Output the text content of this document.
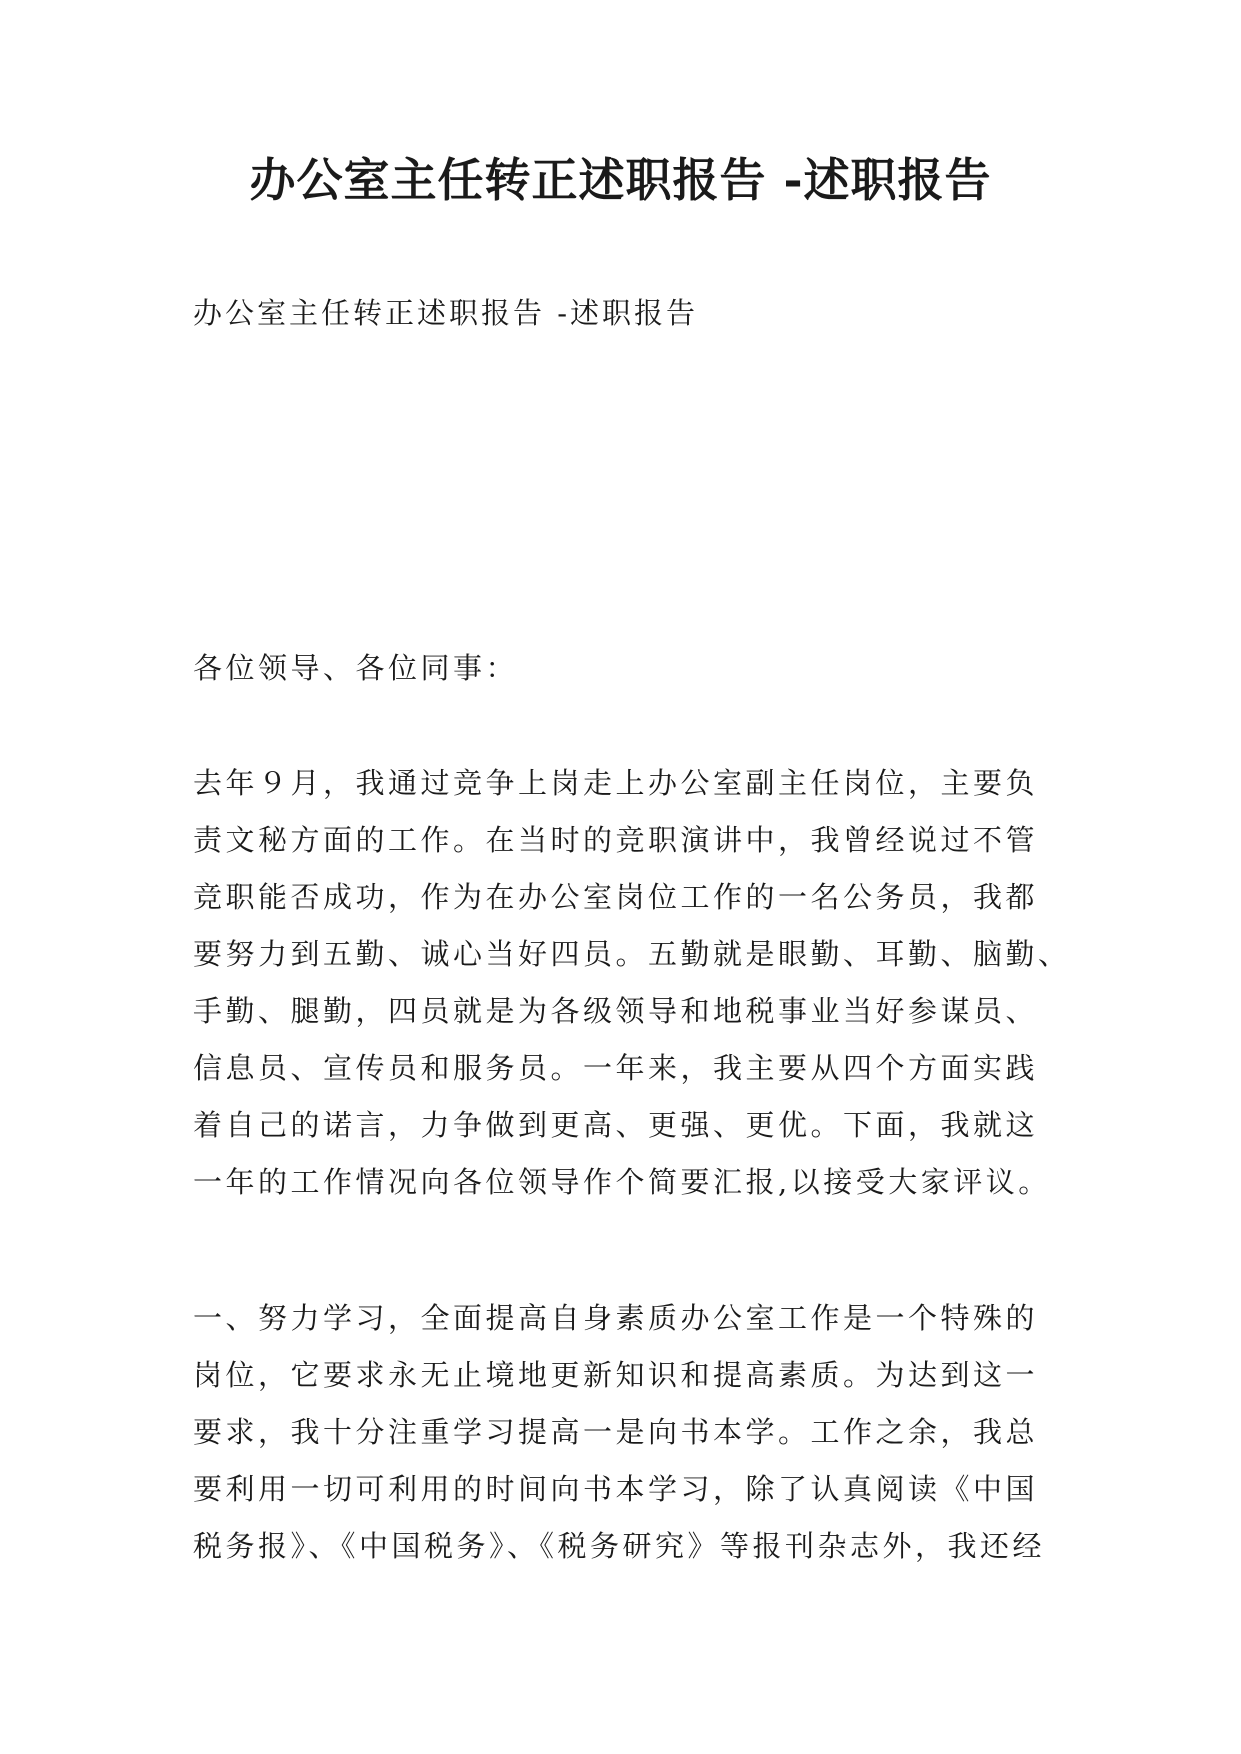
办公室主任转正述职报告 -述职报告

办公室主任转正述职报告 -述职报告

各位领导、各位同事：

去年９月，我通过竞争上岗走上办公室副主任岗位，主要负
责文秘方面的工作。在当时的竞职演讲中，我曾经说过不管
竞职能否成功，作为在办公室岗位工作的一名公务员，我都
要努力到五勤、诚心当好四员。五勤就是眼勤、耳勤、脑勤、
手勤、腿勤，四员就是为各级领导和地税事业当好参谋员、
信息员、宣传员和服务员。一年来，我主要从四个方面实践
着自己的诺言，力争做到更高、更强、更优。下面，我就这
一年的工作情况向各位领导作个简要汇报,以接受大家评议。
一、努力学习，全面提高自身素质办公室工作是一个特殊的
岗位，它要求永无止境地更新知识和提高素质。为达到这一
要求，我十分注重学习提高一是向书本学。工作之余，我总
要利用一切可利用的时间向书本学习，除了认真阅读《中国
税务报》、《中国税务》、《税务研究》等报刊杂志外，我还经
